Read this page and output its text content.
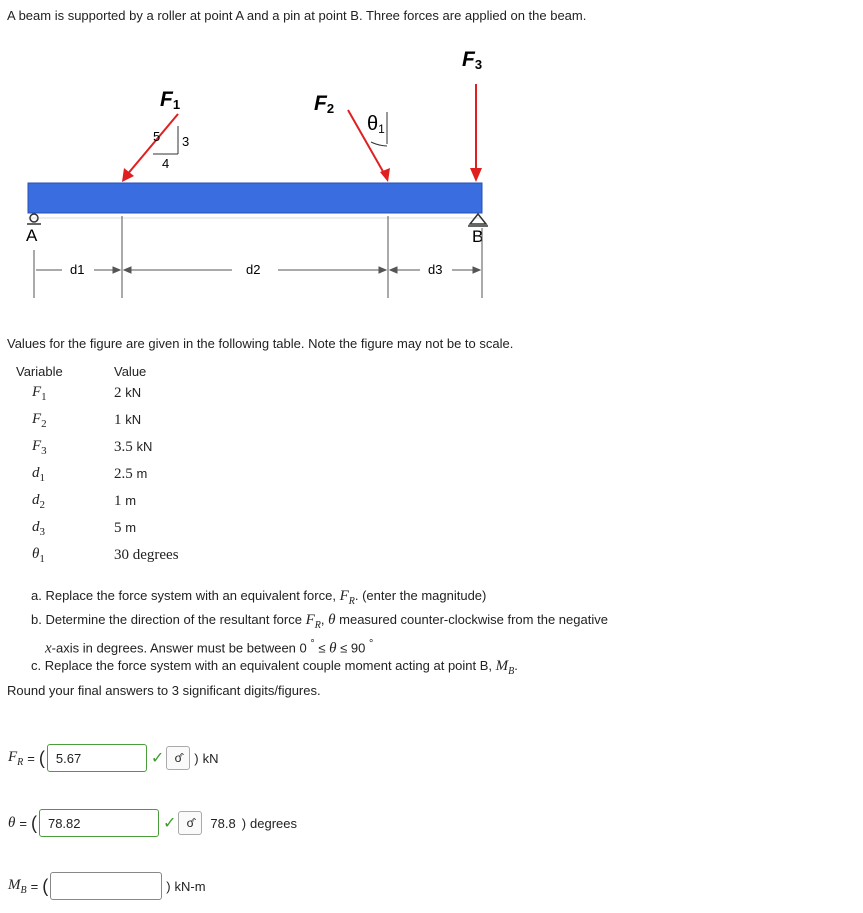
A beam is supported by a roller at point A and a pin at point B. Three forces are applied on the beam.
A	B
5 3
4
F1	F2
θ1
F3
d1	d2	d3
Values for the figure are given in the following table. Note the figure may not be to scale.
Variable	Value
$F_1$	2 kN
$F_2$	1 kN
$F_3$	3.5 kN
$d_1$	2.5 m
$d_2$	1 m
$d_3$	5 m
$\theta_1$	30 degrees
a. Replace the force system with an equivalent force, $F_R$. (enter the magnitude)
b. Determine the direction of the resultant force $F_R$, θ measured counter-clockwise from the negative
x-axis in degrees. Answer must be between 0 ° ≤ θ ≤ 90 °
c. Replace the force system with an equivalent couple moment acting at point B, $M_B$.
Round your final answers to 3 significant digits/figures.
$F_R$ = ( 5.67	✓ σ̂ ) kN
θ = ( 78.82	✓ σ̂ 78.8 ) degrees
$M_B$ = (	) kN-m
